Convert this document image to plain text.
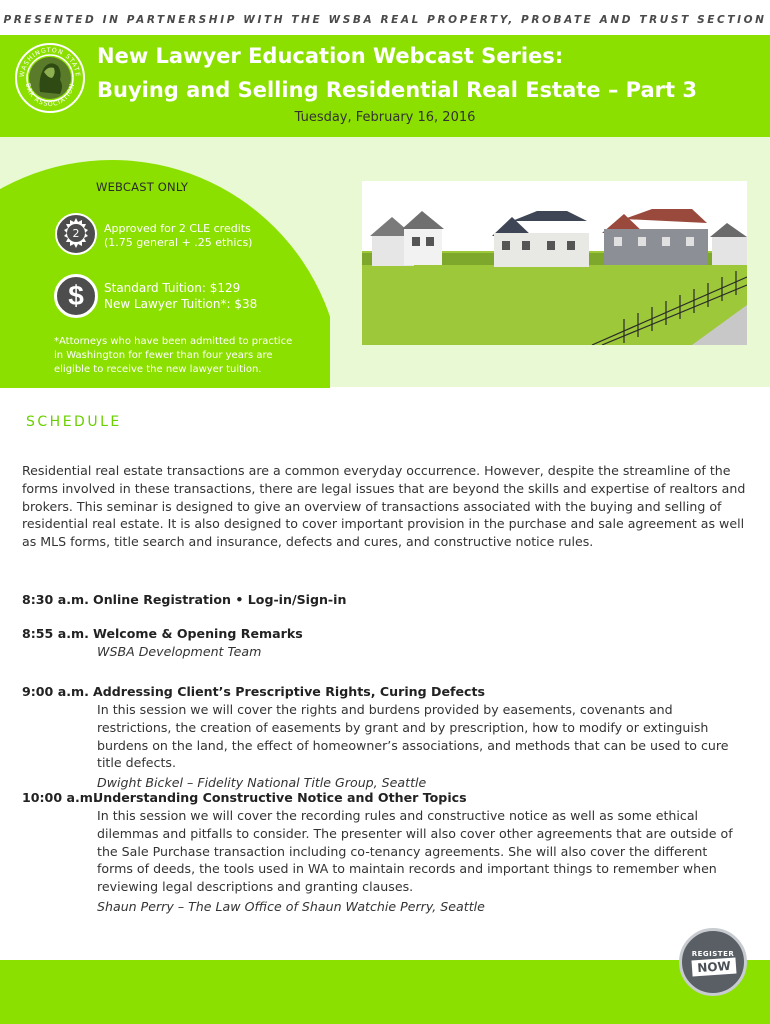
PRESENTED IN PARTNERSHIP WITH THE WSBA REAL PROPERTY, PROBATE AND TRUST SECTION
WASHINGTON STATE
BAR ASSOCIATION
New Lawyer Education Webcast Series:
Buying and Selling Residential Real Estate – Part 3
Tuesday, February 16, 2016
WEBCAST ONLY
2 Approved for 2 CLE credits
(1.75 general + .25 ethics)
$	Standard Tuition: $129
New Lawyer Tuition*: $38
*Attorneys who have been admitted to practice
in Washington for fewer than four years are
eligible to receive the new lawyer tuition.
SCHEDULE
Residential real estate transactions are a common everyday occurrence. However, despite the streamline of the forms involved in these transactions, there are legal issues that are beyond the skills and expertise of realtors and brokers. This seminar is designed to give an overview of transactions associated with the buying and selling of residential real estate. It is also designed to cover important provision in the purchase and sale agreement as well as MLS forms, title search and insurance, defects and cures, and constructive notice rules.
8:30 a.m. Online Registration • Log-in/Sign-in
8:55 a.m. Welcome & Opening Remarks
WSBA Development Team
9:00 a.m. Addressing Client’s Prescriptive Rights, Curing Defects
In this session we will cover the rights and burdens provided by easements, covenants and restrictions, the creation of easements by grant and by prescription, how to modify or extinguish burdens on the land, the effect of homeowner’s associations, and methods that can be used to cure title defects.
Dwight Bickel – Fidelity National Title Group, Seattle
10:00 a.m.Understanding Constructive Notice and Other Topics
In this session we will cover the recording rules and constructive notice as well as some ethical dilemmas and pitfalls to consider. The presenter will also cover other agreements that are outside of the Sale Purchase transaction including co-tenancy agreements. She will also cover the different forms of deeds, the tools used in WA to maintain records and important things to remember when reviewing legal descriptions and granting clauses.
Shaun Perry – The Law Office of Shaun Watchie Perry, Seattle
REGISTER
NOW
